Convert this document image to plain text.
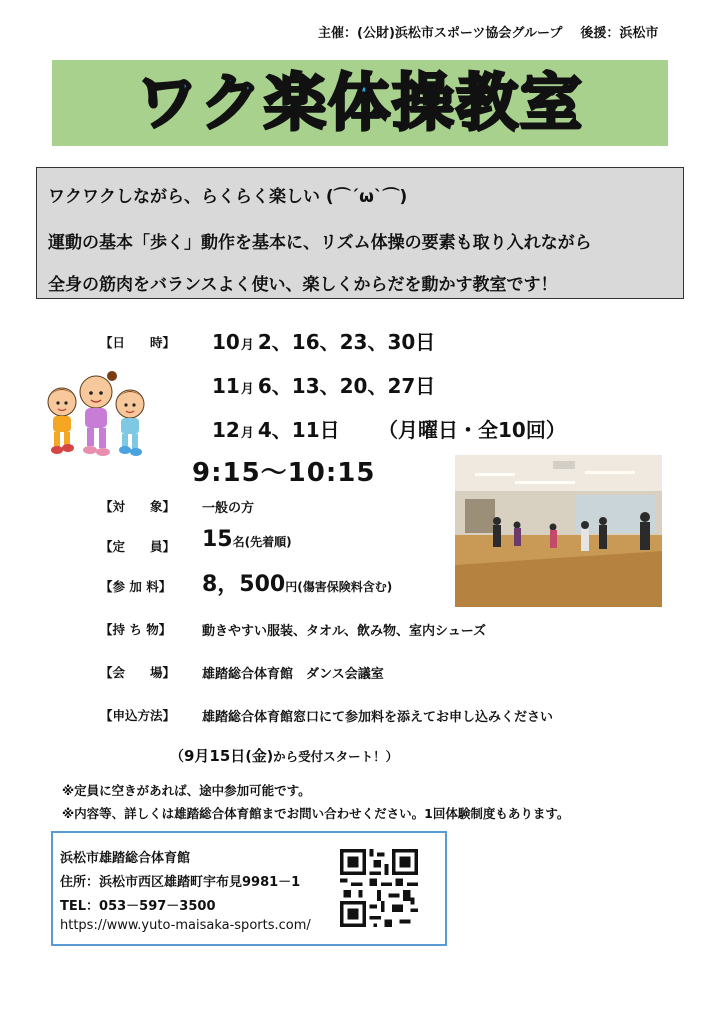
主催：(公財)浜松市スポーツ協会グループ 後援：浜松市
ワク楽体操教室
ワクワクしながら、らくらく楽しい (⌒ˊωˋ⌒)
運動の基本「歩く」動作を基本に、リズム体操の要素も取り入れながら
全身の筋肉をバランスよく使い、楽しくからだを動かす教室です！
【日　　時】 10月 2、16、23、30日
11月 6、13、20、27日
12月 4、11日 （月曜日・全10回）
9:15～10:15
【対　　象】 一般の方
【定　　員】 15名(先着順)
【参 加 料】 8，500円(傷害保険料含む)
【持 ち 物】 動きやすい服装、タオル、飲み物、室内シューズ
【会　　場】 雄踏総合体育館　ダンス会議室
【申込方法】 雄踏総合体育館窓口にて参加料を添えてお申し込みください
（9月15日(金)から受付スタート！）
※定員に空きがあれば、途中参加可能です。
※内容等、詳しくは雄踏総合体育館までお問い合わせください。1回体験制度もあります。
浜松市雄踏総合体育館
住所：浜松市西区雄踏町宇布見9981－1
TEL：053－597－3500
https://www.yuto-maisaka-sports.com/
